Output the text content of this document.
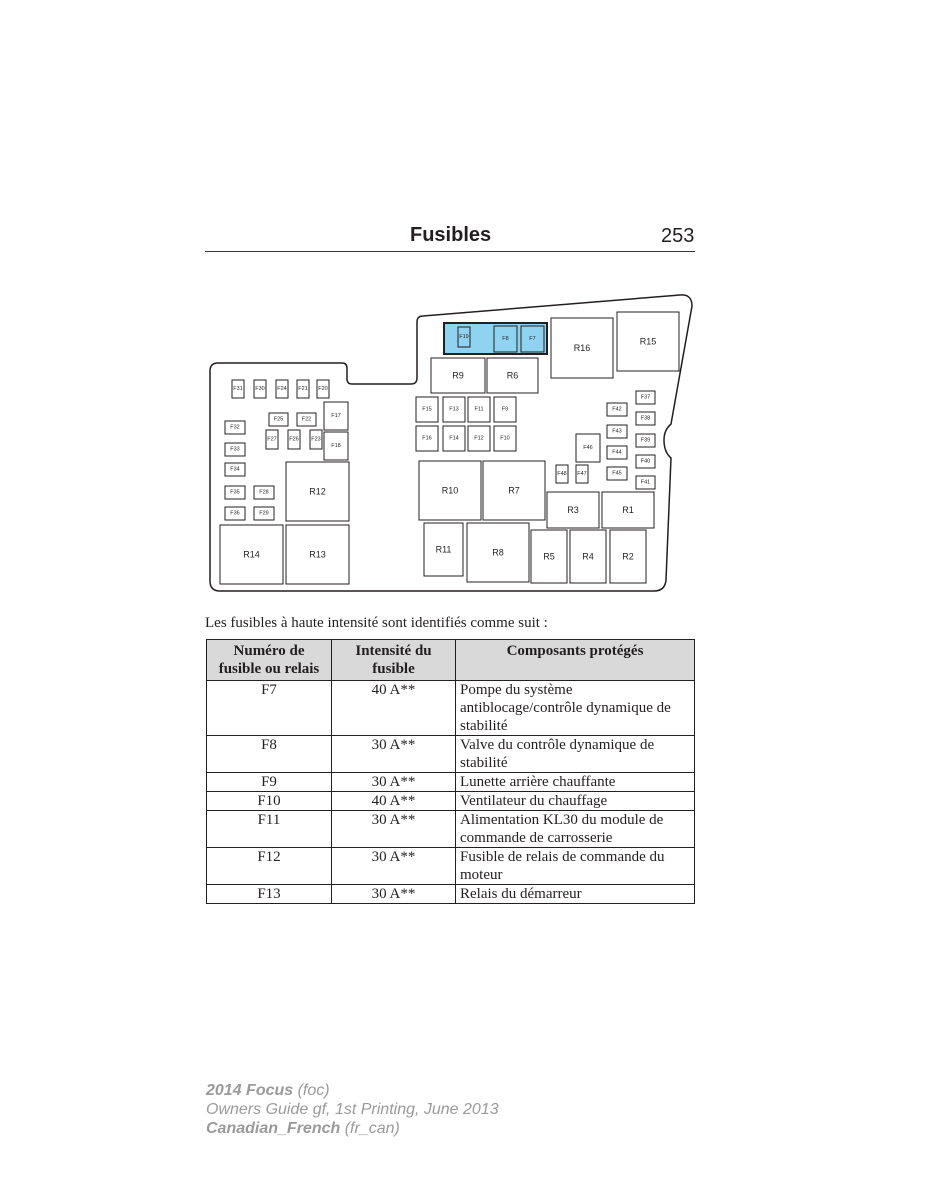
Fusibles	253
F19	F8	F7
R16
R15
R9	R6
F31 F30 F24 F21 F20
F15	F13	F11	F9
F16	F14	F12	F10
F17
F18
F25	F22
F32
F33
F34
F27 F26 F23
F35	F28
F36	F29
R12
R14	R13
R10	R7
R11	R8
F48 F47
F46
F42
F43
F44
F45
F37
F38
F39
F40
F41
R3	R1
R5	R4	R2
Les fusibles à haute intensité sont identifiés comme suit :
Numéro de fusible ou relais	Intensité du fusible	Composants protégés
F7	40 A**	Pompe du système antiblocage/contrôle dynamique de stabilité
F8	30 A**	Valve du contrôle dynamique de stabilité
F9	30 A**	Lunette arrière chauffante
F10	40 A**	Ventilateur du chauffage
F11	30 A**	Alimentation KL30 du module de commande de carrosserie
F12	30 A**	Fusible de relais de commande du moteur
F13	30 A**	Relais du démarreur
2014 Focus (foc)
Owners Guide gf, 1st Printing, June 2013
Canadian_French (fr_can)
